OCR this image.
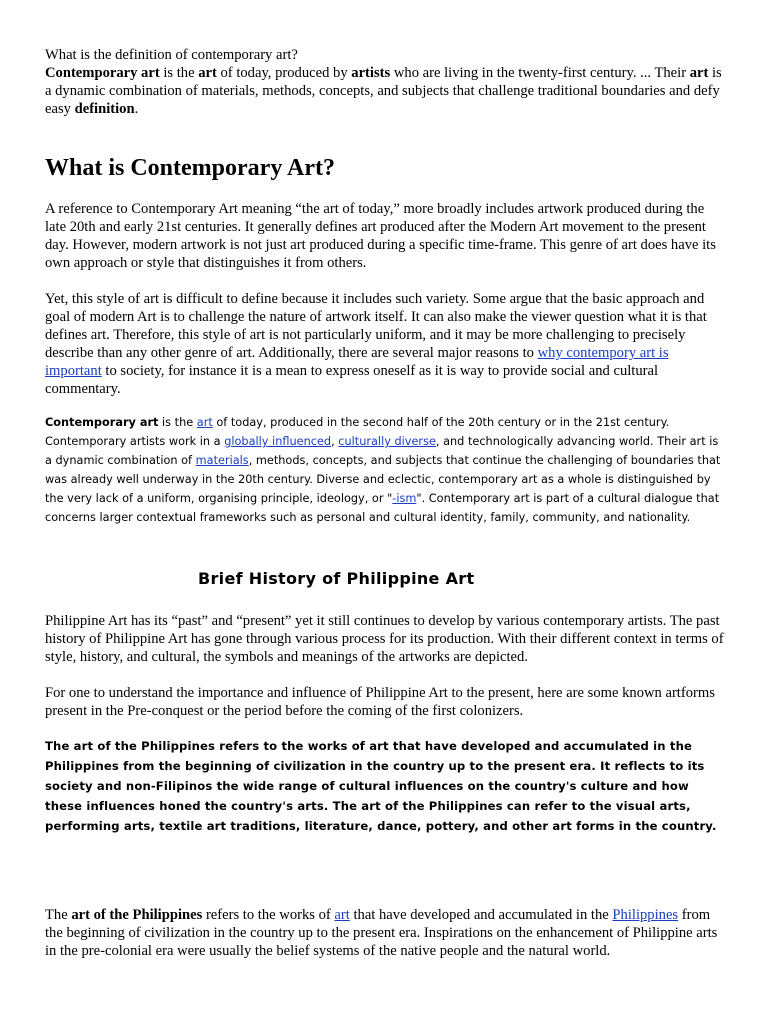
What is the definition of contemporary art?

Contemporary art is the art of today, produced by artists who are living in the twenty-first century. ... Their art is a dynamic combination of materials, methods, concepts, and subjects that challenge traditional boundaries and defy easy definition.

What is Contemporary Art?

A reference to Contemporary Art meaning “the art of today,” more broadly includes artwork produced during the late 20th and early 21st centuries. It generally defines art produced after the Modern Art movement to the present day. However, modern artwork is not just art produced during a specific time-frame. This genre of art does have its own approach or style that distinguishes it from others.

Yet, this style of art is difficult to define because it includes such variety. Some argue that the basic approach and goal of modern Art is to challenge the nature of artwork itself. It can also make the viewer question what it is that defines art. Therefore, this style of art is not particularly uniform, and it may be more challenging to precisely describe than any other genre of art. Additionally, there are several major reasons to why contempory art is important to society, for instance it is a mean to express oneself as it is way to provide social and cultural commentary.

Contemporary art is the art of today, produced in the second half of the 20th century or in the 21st century. Contemporary artists work in a globally influenced, culturally diverse, and technologically advancing world. Their art is a dynamic combination of materials, methods, concepts, and subjects that continue the challenging of boundaries that was already well underway in the 20th century. Diverse and eclectic, contemporary art as a whole is distinguished by the very lack of a uniform, organising principle, ideology, or "-ism". Contemporary art is part of a cultural dialogue that concerns larger contextual frameworks such as personal and cultural identity, family, community, and nationality.

Brief History of Philippine Art

Philippine Art has its “past” and “present” yet it still continues to develop by various contemporary artists. The past history of Philippine Art has gone through various process for its production. With their different context in terms of style, history, and cultural, the symbols and meanings of the artworks are depicted.

For one to understand the importance and influence of Philippine Art to the present, here are some known artforms present in the Pre-conquest or the period before the coming of the first colonizers.

The art of the Philippines refers to the works of art that have developed and accumulated in the Philippines from the beginning of civilization in the country up to the present era. It reflects to its society and non-Filipinos the wide range of cultural influences on the country's culture and how these influences honed the country's arts. The art of the Philippines can refer to the visual arts, performing arts, textile art traditions, literature, dance, pottery, and other art forms in the country.

The art of the Philippines refers to the works of art that have developed and accumulated in the Philippines from the beginning of civilization in the country up to the present era. Inspirations on the enhancement of Philippine arts in the pre-colonial era were usually the belief systems of the native people and the natural world.
